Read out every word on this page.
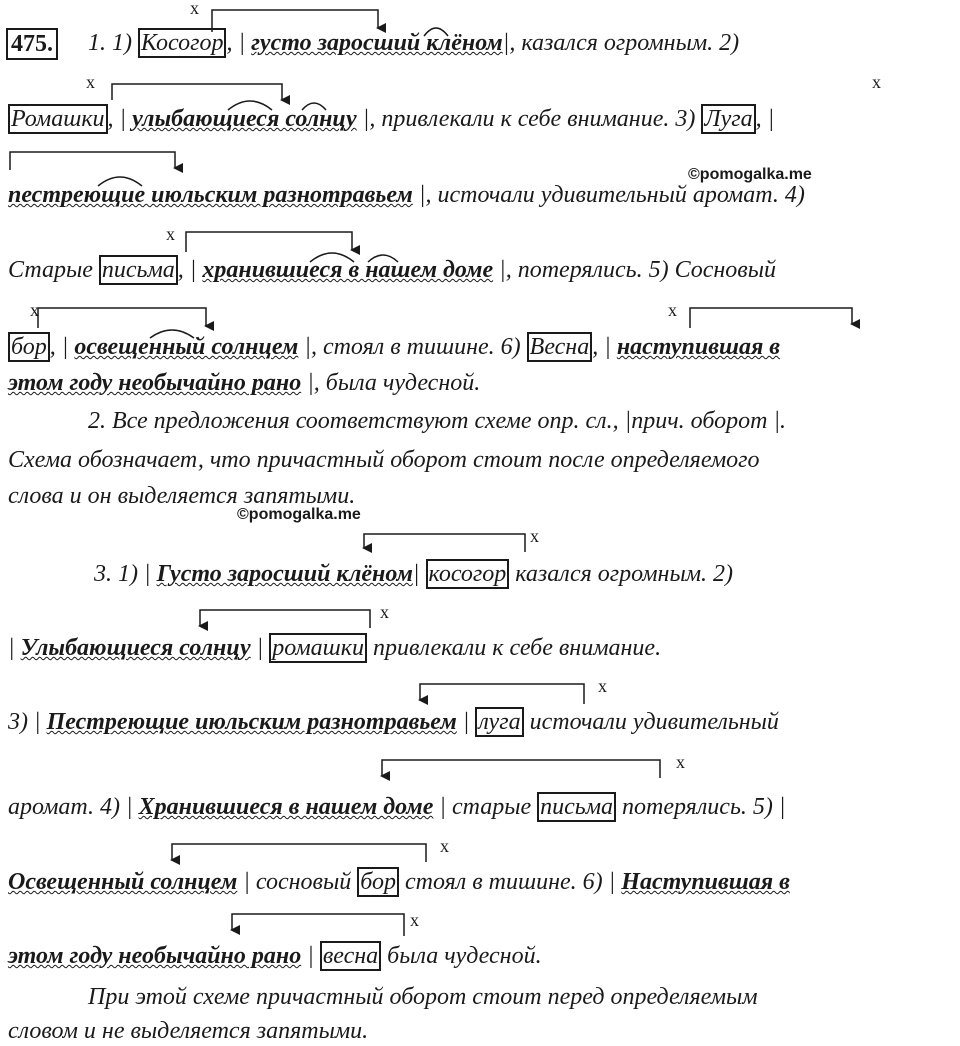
475. 1. 1) Косогор , | густо заросший клёном|, казался огромным. 2)
Ромашки , | улыбающиеся солнцу |, привлекали к себе внимание. 3) Луга , |
©pomogalka.me
пестреющие июльским разнотравьем |, источали удивительный аромат. 4)
Старые письма , | хранившиеся в нашем доме |, потерялись. 5) Сосновый
бор , | освещенный солнцем |, стоял в тишине. 6) Весна , | наступившая в
этом году необычайно рано |, была чудесной.
2. Все предложения соответствуют схеме опр. сл., |прич. оборот |.
Схема обозначает, что причастный оборот стоит после определяемого
слова и он выделяется запятыми.
©pomogalka.me
3. 1) | Густо заросший клёном| косогор казался огромным. 2)
| Улыбающиеся солнцу | ромашки привлекали к себе внимание.
3) | Пестреющие июльским разнотравьем | луга источали удивительный
аромат. 4) | Хранившиеся в нашем доме | старые письма потерялись. 5) |
Освещенный солнцем | сосновый бор стоял в тишине. 6) | Наступившая в
этом году необычайно рано | весна была чудесной.
При этой схеме причастный оборот стоит перед определяемым
словом и не выделяется запятыми.
x
x	x
x
x	x
x
x
x
x
x
x
